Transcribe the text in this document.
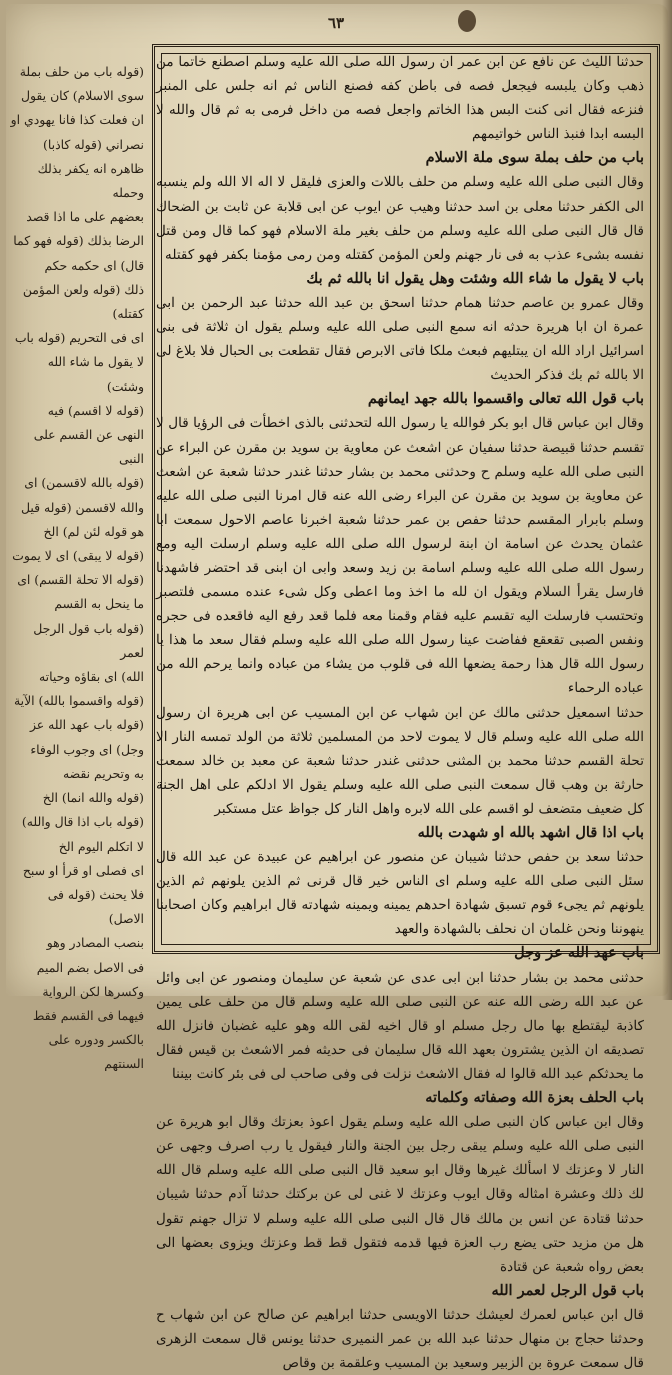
٦٣

(قوله باب من حلف بملة

سوى الاسلام) كان يقول

ان فعلت كذا فانا يهودي او

نصراني (قوله كاذبا)

ظاهره انه يكفر بذلك وحمله

بعضهم على ما اذا قصد

الرضا بذلك (قوله فهو كما

قال) اى حكمه حكم

ذلك (قوله ولعن المؤمن كقتله)

اى فى التحريم (قوله باب

لا يقول ما شاء الله وشئت)

(قوله لا اقسم) فيه

النهى عن القسم على النبى

(قوله بالله لاقسمن) اى

والله لاقسمن (قوله قيل

هو قوله لئن لم) الخ

(قوله لا يبقى) اى لا يموت

(قوله الا تحلة القسم) اى

ما ينحل به القسم

(قوله باب قول الرجل لعمر

الله) اى بقاؤه وحياته

(قوله واقسموا بالله) الآية

(قوله باب عهد الله عز

وجل) اى وجوب الوفاء

به وتحريم نقضه

(قوله والله انما) الخ

(قوله باب اذا قال والله)

لا اتكلم اليوم الخ

اى فصلى او قرأ او سبح

فلا يحنث (قوله فى الاصل)

بنصب المصادر وهو

فى الاصل بضم الميم

وكسرها لكن الرواية

فيهما فى القسم فقط

بالكسر ودوره على السنتهم

حدثنا الليث عن نافع عن ابن عمر ان رسول الله صلى الله عليه وسلم اصطنع خاتما من ذهب وكان يلبسه فيجعل فصه فى باطن كفه فصنع الناس ثم انه جلس على المنبر فنزعه فقال انى كنت البس هذا الخاتم واجعل فصه من داخل فرمى به ثم قال والله لا البسه ابدا فنبذ الناس خواتيمهم

باب من حلف بملة سوى ملة الاسلام

وقال النبى صلى الله عليه وسلم من حلف باللات والعزى فليقل لا اله الا الله ولم ينسبه الى الكفر حدثنا معلى بن اسد حدثنا وهيب عن ايوب عن ابى قلابة عن ثابت بن الضحاك قال قال النبى صلى الله عليه وسلم من حلف بغير ملة الاسلام فهو كما قال ومن قتل نفسه بشىء عذب به فى نار جهنم ولعن المؤمن كقتله ومن رمى مؤمنا بكفر فهو كقتله

باب لا يقول ما شاء الله وشئت وهل يقول انا بالله ثم بك

وقال عمرو بن عاصم حدثنا همام حدثنا اسحق بن عبد الله حدثنا عبد الرحمن بن ابى عمرة ان ابا هريرة حدثه انه سمع النبى صلى الله عليه وسلم يقول ان ثلاثة فى بنى اسرائيل اراد الله ان يبتليهم فبعث ملكا فاتى الابرص فقال تقطعت بى الحبال فلا بلاغ لى الا بالله ثم بك فذكر الحديث

باب قول الله تعالى واقسموا بالله جهد ايمانهم

وقال ابن عباس قال ابو بكر فوالله يا رسول الله لتحدثنى بالذى اخطأت فى الرؤيا قال لا تقسم حدثنا قبيصة حدثنا سفيان عن اشعث عن معاوية بن سويد بن مقرن عن البراء عن النبى صلى الله عليه وسلم ح وحدثنى محمد بن بشار حدثنا غندر حدثنا شعبة عن اشعث عن معاوية بن سويد بن مقرن عن البراء رضى الله عنه قال امرنا النبى صلى الله عليه وسلم بابرار المقسم حدثنا حفص بن عمر حدثنا شعبة اخبرنا عاصم الاحول سمعت ابا عثمان يحدث عن اسامة ان ابنة لرسول الله صلى الله عليه وسلم ارسلت اليه ومع رسول الله صلى الله عليه وسلم اسامة بن زيد وسعد وابى ان ابنى قد احتضر فاشهدنا فارسل يقرأ السلام ويقول ان لله ما اخذ وما اعطى وكل شىء عنده مسمى فلتصبر وتحتسب فارسلت اليه تقسم عليه فقام وقمنا معه فلما قعد رفع اليه فاقعده فى حجره ونفس الصبى تقعقع ففاضت عينا رسول الله صلى الله عليه وسلم فقال سعد ما هذا يا رسول الله قال هذا رحمة يضعها الله فى قلوب من يشاء من عباده وانما يرحم الله من عباده الرحماء

حدثنا اسمعيل حدثنى مالك عن ابن شهاب عن ابن المسيب عن ابى هريرة ان رسول الله صلى الله عليه وسلم قال لا يموت لاحد من المسلمين ثلاثة من الولد تمسه النار الا تحلة القسم حدثنا محمد بن المثنى حدثنى غندر حدثنا شعبة عن معبد بن خالد سمعت حارثة بن وهب قال سمعت النبى صلى الله عليه وسلم يقول الا ادلكم على اهل الجنة كل ضعيف متضعف لو اقسم على الله لابره واهل النار كل جواظ عتل مستكبر

باب اذا قال اشهد بالله او شهدت بالله

حدثنا سعد بن حفص حدثنا شيبان عن منصور عن ابراهيم عن عبيدة عن عبد الله قال سئل النبى صلى الله عليه وسلم اى الناس خير قال قرنى ثم الذين يلونهم ثم الذين يلونهم ثم يجىء قوم تسبق شهادة احدهم يمينه ويمينه شهادته قال ابراهيم وكان اصحابنا ينهوننا ونحن غلمان ان نحلف بالشهادة والعهد

باب عهد الله عز وجل

حدثنى محمد بن بشار حدثنا ابن ابى عدى عن شعبة عن سليمان ومنصور عن ابى وائل عن عبد الله رضى الله عنه عن النبى صلى الله عليه وسلم قال من حلف على يمين كاذبة ليقتطع بها مال رجل مسلم او قال اخيه لقى الله وهو عليه غضبان فانزل الله تصديقه ان الذين يشترون بعهد الله قال سليمان فى حديثه فمر الاشعث بن قيس فقال ما يحدثكم عبد الله قالوا له فقال الاشعث نزلت فى وفى صاحب لى فى بئر كانت بيننا

باب الحلف بعزة الله وصفاته وكلماته

وقال ابن عباس كان النبى صلى الله عليه وسلم يقول اعوذ بعزتك وقال ابو هريرة عن النبى صلى الله عليه وسلم يبقى رجل بين الجنة والنار فيقول يا رب اصرف وجهى عن النار لا وعزتك لا اسألك غيرها وقال ابو سعيد قال النبى صلى الله عليه وسلم قال الله لك ذلك وعشرة امثاله وقال ايوب وعزتك لا غنى لى عن بركتك حدثنا آدم حدثنا شيبان حدثنا قتادة عن انس بن مالك قال قال النبى صلى الله عليه وسلم لا تزال جهنم تقول هل من مزيد حتى يضع رب العزة فيها قدمه فتقول قط قط وعزتك ويزوى بعضها الى بعض رواه شعبة عن قتادة

باب قول الرجل لعمر الله

قال ابن عباس لعمرك لعيشك حدثنا الاويسى حدثنا ابراهيم عن صالح عن ابن شهاب ح وحدثنا حجاج بن منهال حدثنا عبد الله بن عمر النميرى حدثنا يونس قال سمعت الزهرى قال سمعت عروة بن الزبير وسعيد بن المسيب وعلقمة بن وقاص
